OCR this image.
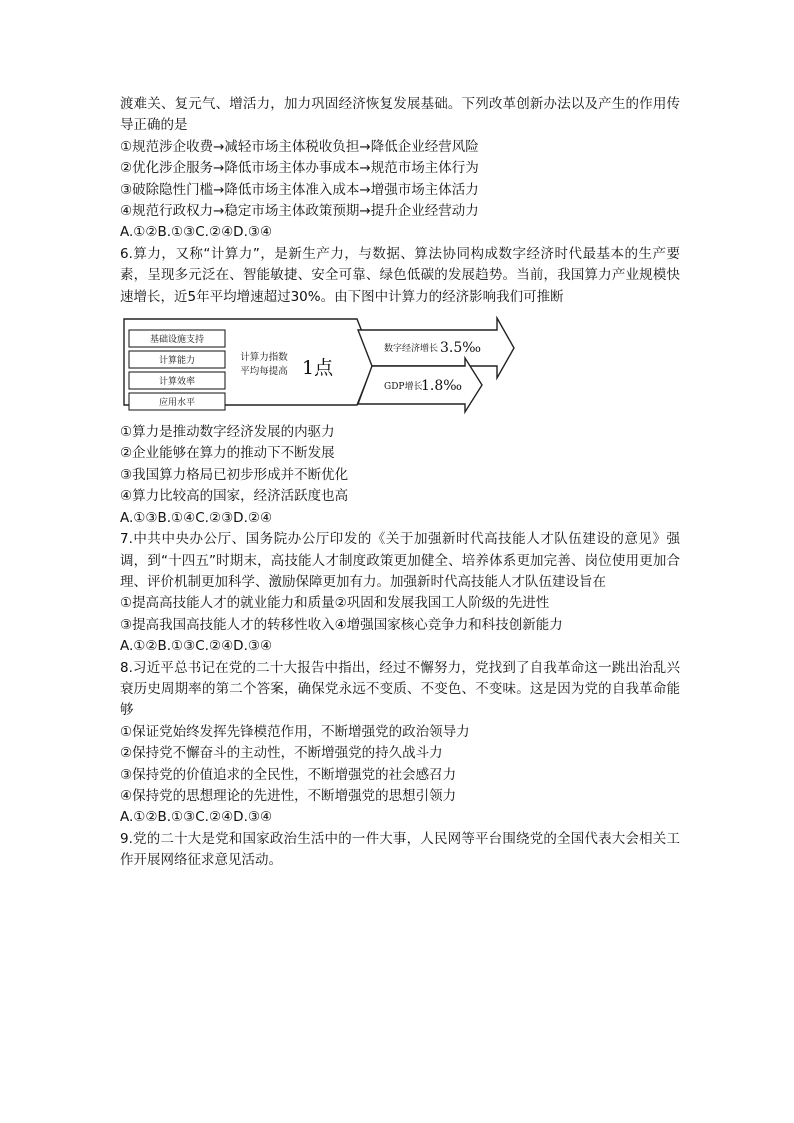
渡难关、复元气、增活力，加力巩固经济恢复发展基础。下列改革创新办法以及产生的作用传导正确的是

①规范涉企收费→减轻市场主体税收负担→降低企业经营风险

②优化涉企服务→降低市场主体办事成本→规范市场主体行为

③破除隐性门槛→降低市场主体准入成本→增强市场主体活力

④规范行政权力→稳定市场主体政策预期→提升企业经营动力

A.①②B.①③C.②④D.③④

6.算力，又称“计算力”，是新生产力，与数据、算法协同构成数字经济时代最基本的生产要素，呈现多元泛在、智能敏捷、安全可靠、绿色低碳的发展趋势。当前，我国算力产业规模快速增长，近5年平均增速超过30%。由下图中计算力的经济影响我们可推断

基础设施支持
计算能力
计算效率
应用水平
计算力指数
平均每提高 1点
数字经济增长 3.5‰
GDP增长
1.8‰

①算力是推动数字经济发展的内驱力

②企业能够在算力的推动下不断发展

③我国算力格局已初步形成并不断优化

④算力比较高的国家，经济活跃度也高

A.①③B.①④C.②③D.②④

7.中共中央办公厅、国务院办公厅印发的《关于加强新时代高技能人才队伍建设的意见》强调，到“十四五”时期末，高技能人才制度政策更加健全、培养体系更加完善、岗位使用更加合理、评价机制更加科学、激励保障更加有力。加强新时代高技能人才队伍建设旨在

①提高高技能人才的就业能力和质量②巩固和发展我国工人阶级的先进性

③提高我国高技能人才的转移性收入④增强国家核心竞争力和科技创新能力

A.①②B.①③C.②④D.③④

8.习近平总书记在党的二十大报告中指出，经过不懈努力，党找到了自我革命这一跳出治乱兴衰历史周期率的第二个答案，确保党永远不变质、不变色、不变味。这是因为党的自我革命能够

①保证党始终发挥先锋模范作用，不断增强党的政治领导力

②保持党不懈奋斗的主动性，不断增强党的持久战斗力

③保持党的价值追求的全民性，不断增强党的社会感召力

④保持党的思想理论的先进性，不断增强党的思想引领力

A.①②B.①③C.②④D.③④

9.党的二十大是党和国家政治生活中的一件大事，人民网等平台围绕党的全国代表大会相关工作开展网络征求意见活动。
